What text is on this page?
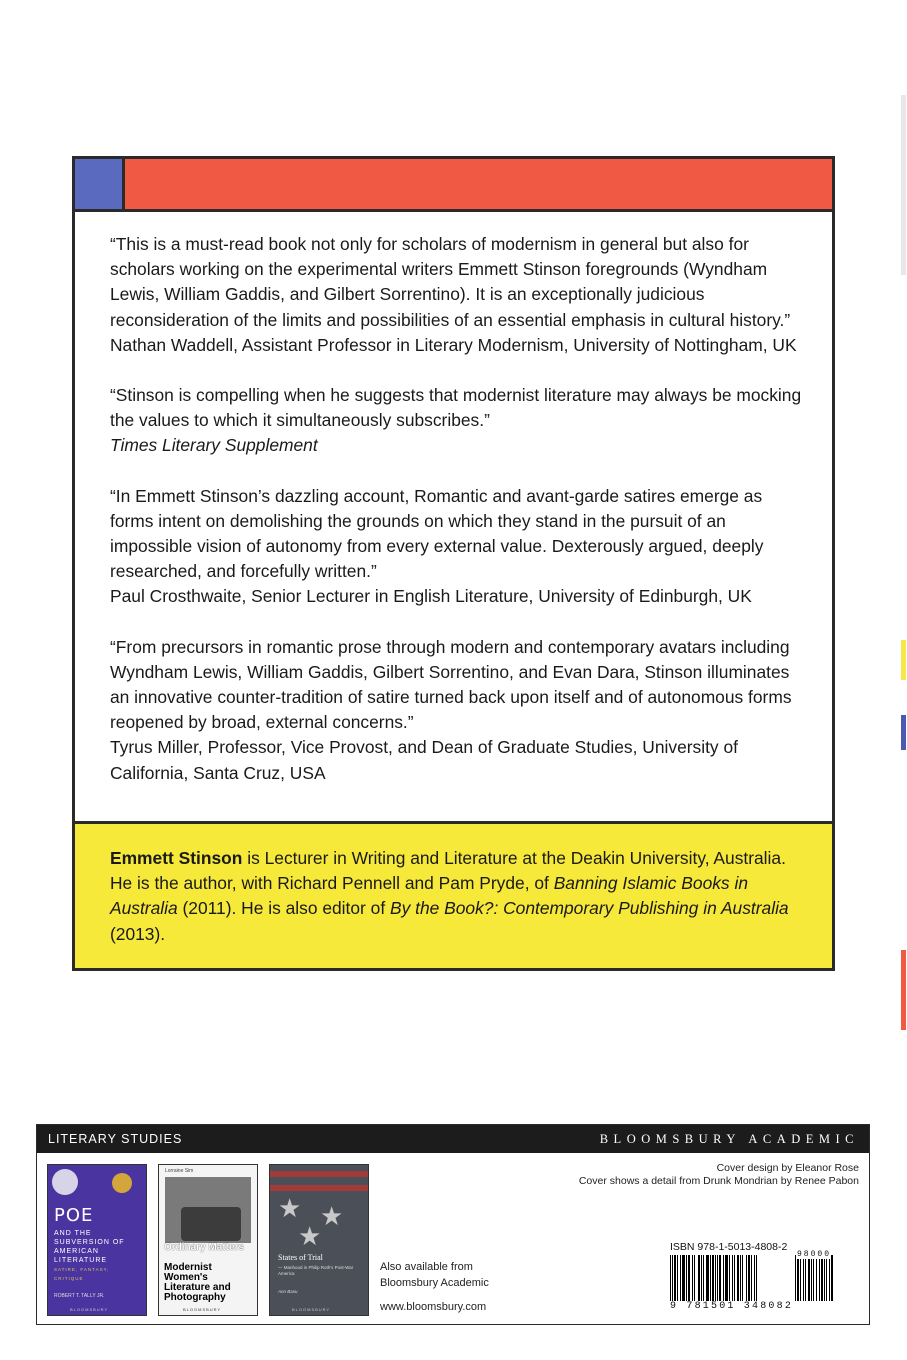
“This is a must-read book not only for scholars of modernism in general but also for scholars working on the experimental writers Emmett Stinson foregrounds (Wyndham Lewis, William Gaddis, and Gilbert Sorrentino). It is an exceptionally judicious reconsideration of the limits and possibilities of an essential emphasis in cultural history.”

Nathan Waddell, Assistant Professor in Literary Modernism, University of Nottingham, UK

“Stinson is compelling when he suggests that modernist literature may always be mocking the values to which it simultaneously subscribes.”

Times Literary Supplement

“In Emmett Stinson’s dazzling account, Romantic and avant-garde satires emerge as forms intent on demolishing the grounds on which they stand in the pursuit of an impossible vision of autonomy from every external value. Dexterously argued, deeply researched, and forcefully written.”

Paul Crosthwaite, Senior Lecturer in English Literature, University of Edinburgh, UK

“From precursors in romantic prose through modern and contemporary avatars including Wyndham Lewis, William Gaddis, Gilbert Sorrentino, and Evan Dara, Stinson illuminates an innovative counter-tradition of satire turned back upon itself and of autonomous forms reopened by broad, external concerns.”

Tyrus Miller, Professor, Vice Provost, and Dean of Graduate Studies, University of California, Santa Cruz, USA

Emmett Stinson is Lecturer in Writing and Literature at the Deakin University, Australia. He is the author, with Richard Pennell and Pam Pryde, of Banning Islamic Books in Australia (2011). He is also editor of By the Book?: Contemporary Publishing in Australia (2013).
LITERARY STUDIES	BLOOMSBURY ACADEMIC
POE
AND THE SUBVERSION OF AMERICAN LITERATURE
SATIRE, FANTASY, CRITIQUE
ROBERT T. TALLY JR.
BLOOMSBURY
Lorraine Sim
Ordinary Matters
Modernist Women's Literature and Photography
BLOOMSBURY
★ ★
★
States of Trial
— Manhood in Philip Roth's Post-War America
Ann Basu
BLOOMSBURY
Also available from
Bloomsbury Academic
www.bloomsbury.com
Cover design by Eleanor Rose
Cover shows a detail from Drunk Mondrian by Renee Pabon
ISBN 978-1-5013-4808-2
98000
9 781501 348082
